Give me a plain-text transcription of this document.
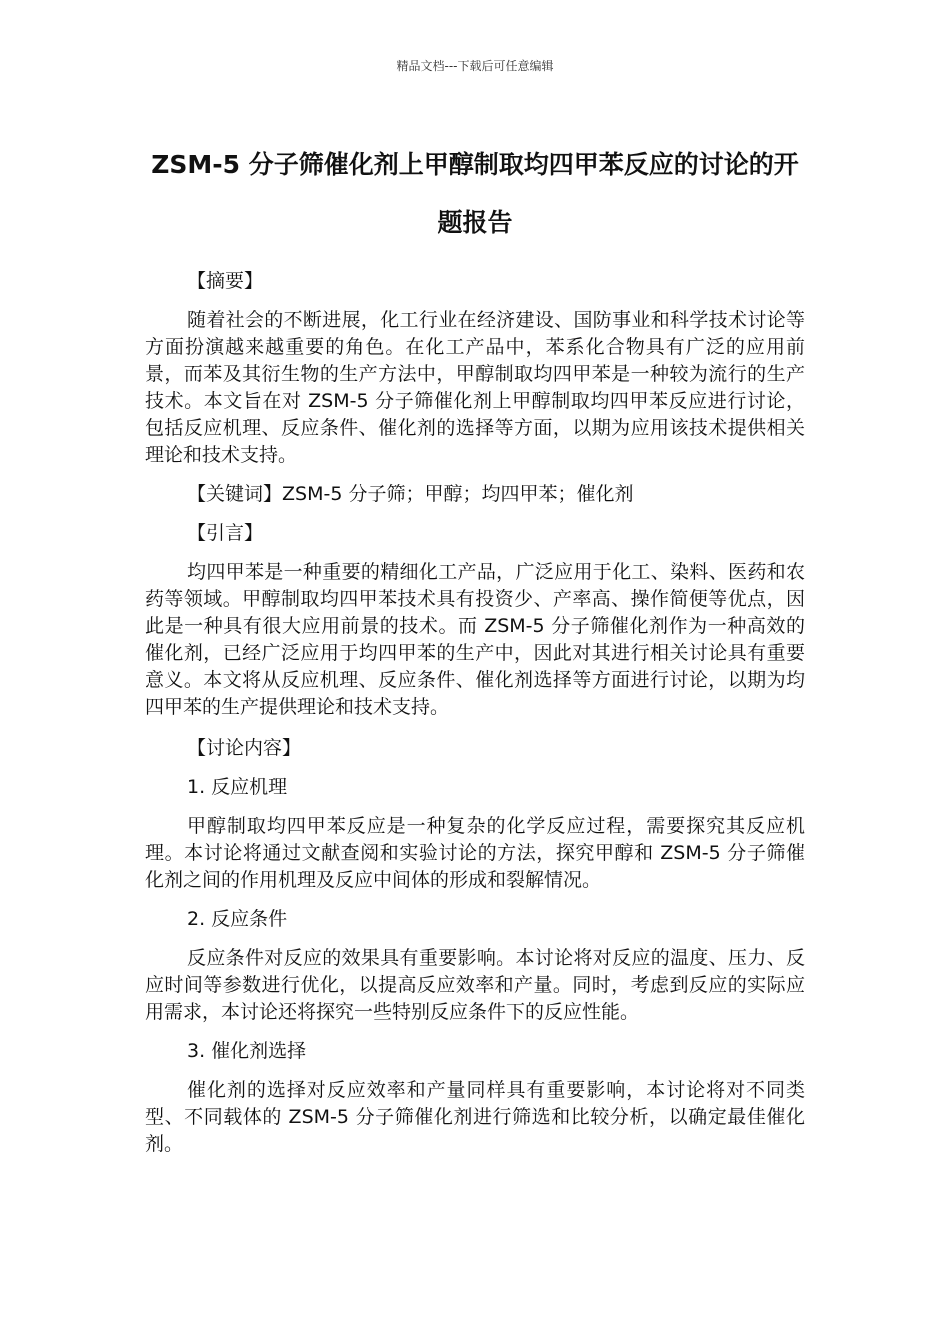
精品文档---下载后可任意编辑
ZSM-5 分子筛催化剂上甲醇制取均四甲苯反应的讨论的开题报告

【摘要】

随着社会的不断进展，化工行业在经济建设、国防事业和科学技术讨论等方面扮演越来越重要的角色。在化工产品中，苯系化合物具有广泛的应用前景，而苯及其衍生物的生产方法中，甲醇制取均四甲苯是一种较为流行的生产技术。本文旨在对 ZSM-5 分子筛催化剂上甲醇制取均四甲苯反应进行讨论，包括反应机理、反应条件、催化剂的选择等方面，以期为应用该技术提供相关理论和技术支持。

【关键词】ZSM-5 分子筛；甲醇；均四甲苯；催化剂

【引言】

均四甲苯是一种重要的精细化工产品，广泛应用于化工、染料、医药和农药等领域。甲醇制取均四甲苯技术具有投资少、产率高、操作简便等优点，因此是一种具有很大应用前景的技术。而 ZSM-5 分子筛催化剂作为一种高效的催化剂，已经广泛应用于均四甲苯的生产中，因此对其进行相关讨论具有重要意义。本文将从反应机理、反应条件、催化剂选择等方面进行讨论，以期为均四甲苯的生产提供理论和技术支持。

【讨论内容】

1. 反应机理

甲醇制取均四甲苯反应是一种复杂的化学反应过程，需要探究其反应机理。本讨论将通过文献查阅和实验讨论的方法，探究甲醇和 ZSM-5 分子筛催化剂之间的作用机理及反应中间体的形成和裂解情况。

2. 反应条件

反应条件对反应的效果具有重要影响。本讨论将对反应的温度、压力、反应时间等参数进行优化，以提高反应效率和产量。同时，考虑到反应的实际应用需求，本讨论还将探究一些特别反应条件下的反应性能。

3. 催化剂选择

催化剂的选择对反应效率和产量同样具有重要影响，本讨论将对不同类型、不同载体的 ZSM-5 分子筛催化剂进行筛选和比较分析，以确定最佳催化剂。
